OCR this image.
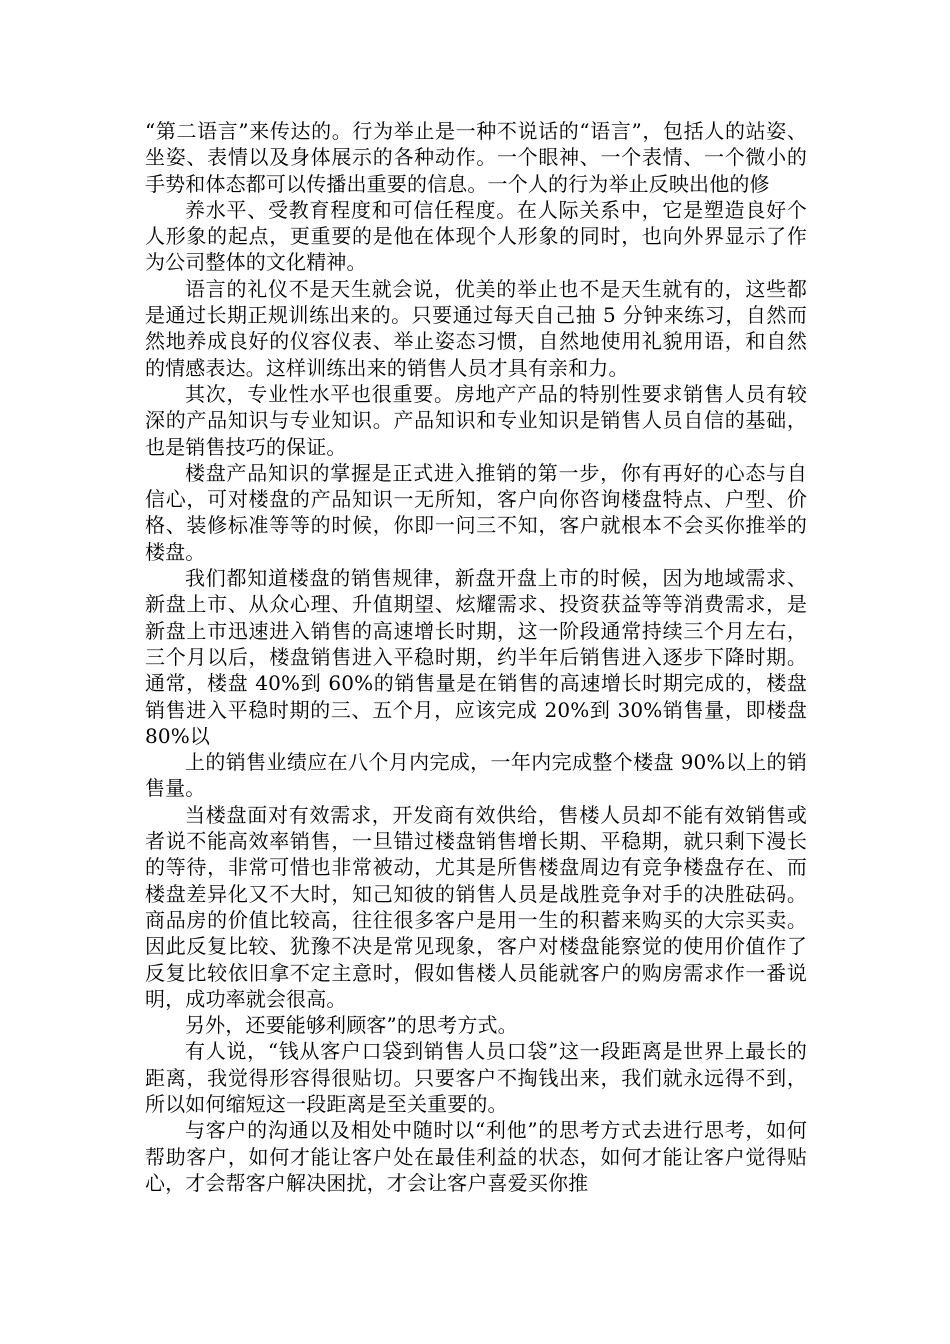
“第二语言”来传达的。行为举止是一种不说话的“语言”，包括人的站姿、坐姿、表情以及身体展示的各种动作。一个眼神、一个表情、一个微小的手势和体态都可以传播出重要的信息。一个人的行为举止反映出他的修

养水平、受教育程度和可信任程度。在人际关系中，它是塑造良好个人形象的起点，更重要的是他在体现个人形象的同时，也向外界显示了作为公司整体的文化精神。

语言的礼仪不是天生就会说，优美的举止也不是天生就有的，这些都是通过长期正规训练出来的。只要通过每天自己抽 5 分钟来练习，自然而然地养成良好的仪容仪表、举止姿态习惯，自然地使用礼貌用语，和自然的情感表达。这样训练出来的销售人员才具有亲和力。

其次，专业性水平也很重要。房地产产品的特别性要求销售人员有较深的产品知识与专业知识。产品知识和专业知识是销售人员自信的基础，也是销售技巧的保证。

楼盘产品知识的掌握是正式进入推销的第一步，你有再好的心态与自信心，可对楼盘的产品知识一无所知，客户向你咨询楼盘特点、户型、价格、装修标准等等的时候，你即一问三不知，客户就根本不会买你推举的楼盘。

我们都知道楼盘的销售规律，新盘开盘上市的时候，因为地域需求、新盘上市、从众心理、升值期望、炫耀需求、投资获益等等消费需求，是新盘上市迅速进入销售的高速增长时期，这一阶段通常持续三个月左右，三个月以后，楼盘销售进入平稳时期，约半年后销售进入逐步下降时期。通常，楼盘 40%到 60%的销售量是在销售的高速增长时期完成的，楼盘销售进入平稳时期的三、五个月，应该完成 20%到 30%销售量，即楼盘 80%以

上的销售业绩应在八个月内完成，一年内完成整个楼盘 90%以上的销售量。

当楼盘面对有效需求，开发商有效供给，售楼人员却不能有效销售或者说不能高效率销售，一旦错过楼盘销售增长期、平稳期，就只剩下漫长的等待，非常可惜也非常被动，尤其是所售楼盘周边有竞争楼盘存在、而楼盘差异化又不大时，知己知彼的销售人员是战胜竞争对手的决胜砝码。商品房的价值比较高，往往很多客户是用一生的积蓄来购买的大宗买卖。因此反复比较、犹豫不决是常见现象，客户对楼盘能察觉的使用价值作了反复比较依旧拿不定主意时，假如售楼人员能就客户的购房需求作一番说明，成功率就会很高。

另外，还要能够利顾客”的思考方式。

有人说，“钱从客户口袋到销售人员口袋”这一段距离是世界上最长的距离，我觉得形容得很贴切。只要客户不掏钱出来，我们就永远得不到，所以如何缩短这一段距离是至关重要的。

与客户的沟通以及相处中随时以“利他”的思考方式去进行思考，如何帮助客户，如何才能让客户处在最佳利益的状态，如何才能让客户觉得贴心，才会帮客户解决困扰，才会让客户喜爱买你推
